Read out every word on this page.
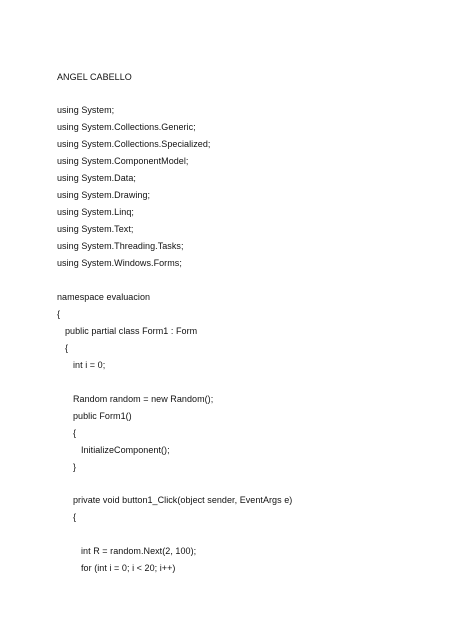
ANGEL CABELLO
using System;
using System.Collections.Generic;
using System.Collections.Specialized;
using System.ComponentModel;
using System.Data;
using System.Drawing;
using System.Linq;
using System.Text;
using System.Threading.Tasks;
using System.Windows.Forms;
namespace evaluacion
{
public partial class Form1 : Form
{
int i = 0;
Random random = new Random();
public Form1()
{
InitializeComponent();
}
private void button1_Click(object sender, EventArgs e)
{
int R = random.Next(2, 100);
for (int i = 0; i < 20; i++)
